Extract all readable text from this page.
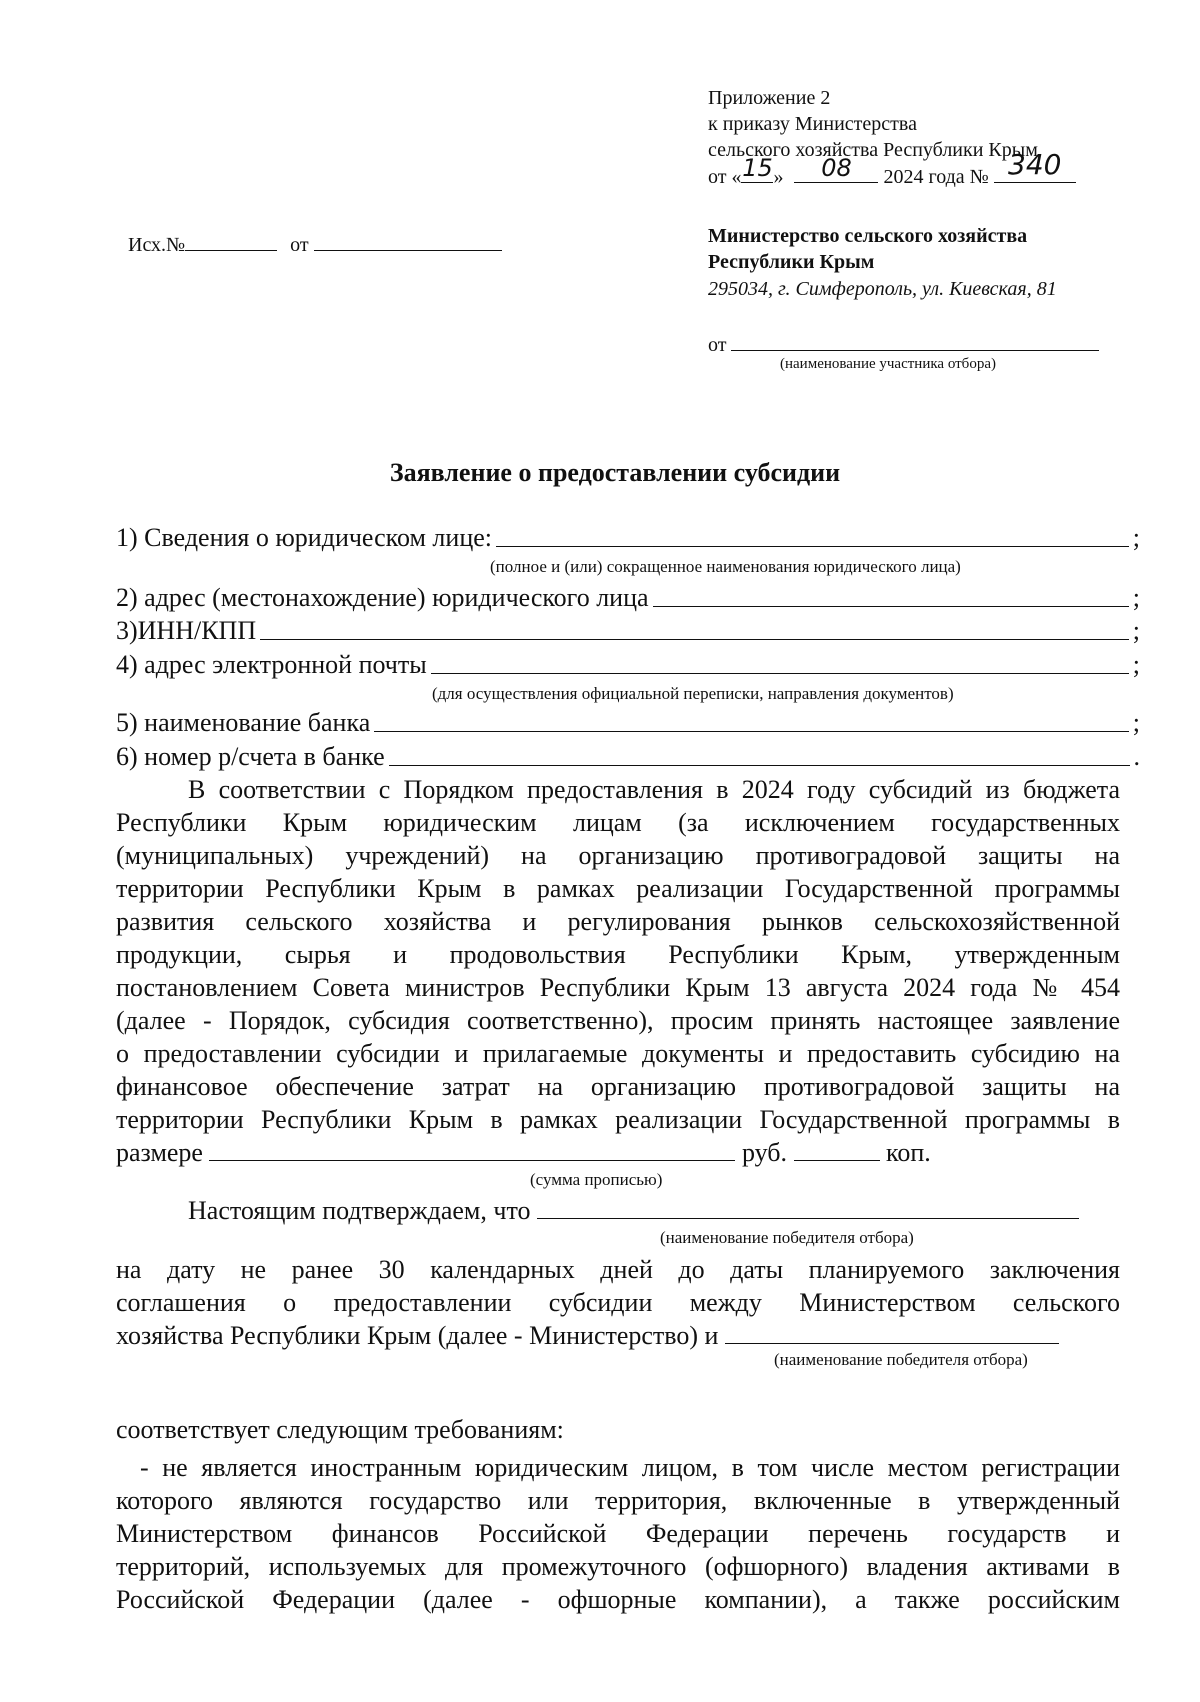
Приложение 2
к приказу Министерства
сельского хозяйства Республики Крым
от « 15 »	08	2024 года № 340
Исх.№	от	Министерство сельского хозяйства
Республики Крым
295034, г. Симферополь, ул. Киевская, 81
от
(наименование участника отбора)
Заявление о предоставлении субсидии
1) Сведения о юридическом лице:	;
(полное и (или) сокращенное наименования юридического лица)
2) адрес (местонахождение) юридического лица	;
3)ИНН/КПП	;
4) адрес электронной почты	;
(для осуществления официальной переписки, направления документов)
5) наименование банка	;
6) номер р/счета в банке	.
В соответствии с Порядком предоставления в 2024 году субсидий из бюджета
Республики Крым юридическим лицам (за исключением государственных
(муниципальных) учреждений) на организацию противоградовой защиты на
территории Республики Крым в рамках реализации Государственной программы
развития сельского хозяйства и регулирования рынков сельскохозяйственной
продукции, сырья и продовольствия Республики Крым, утвержденным
постановлением Совета министров Республики Крым 13 августа 2024 года № 454
(далее - Порядок, субсидия соответственно), просим принять настоящее заявление
о предоставлении субсидии и прилагаемые документы и предоставить субсидию на
финансовое обеспечение затрат на организацию противоградовой защиты на
территории Республики Крым в рамках реализации Государственной программы в
размере	руб.	коп.
(сумма прописью)
Настоящим подтверждаем, что
(наименование победителя отбора)
на дату не ранее 30 календарных дней до даты планируемого заключения
соглашения о предоставлении субсидии между Министерством сельского
хозяйства Республики Крым (далее - Министерство) и
(наименование победителя отбора)
соответствует следующим требованиям:
- не является иностранным юридическим лицом, в том числе местом регистрации
которого являются государство или территория, включенные в утвержденный
Министерством финансов Российской Федерации перечень государств и
территорий, используемых для промежуточного (офшорного) владения активами в
Российской Федерации (далее - офшорные компании), а также российским
